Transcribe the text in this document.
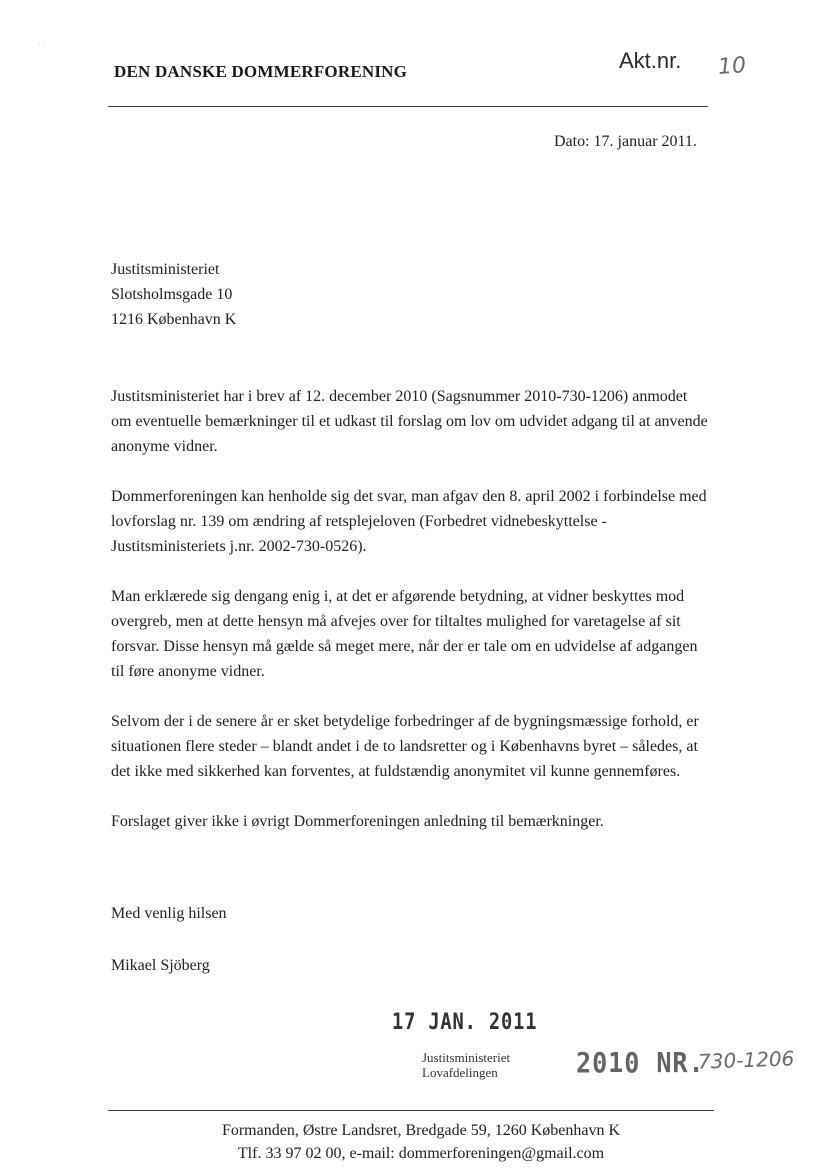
· ·
DEN DANSKE DOMMERFORENING	Akt.nr. 10
Dato: 17. januar 2011.
Justitsministeriet
Slotsholmsgade 10
1216 København K

Justitsministeriet har i brev af 12. december 2010 (Sagsnummer 2010-730-1206) anmodet om eventuelle bemærkninger til et udkast til forslag om lov om udvidet adgang til at anvende anonyme vidner.

Dommerforeningen kan henholde sig det svar, man afgav den 8. april 2002 i forbindelse med lovforslag nr. 139 om ændring af retsplejeloven (Forbedret vidnebeskyttelse - Justitsministeriets j.nr. 2002-730-0526).

Man erklærede sig dengang enig i, at det er afgørende betydning, at vidner beskyttes mod overgreb, men at dette hensyn må afvejes over for tiltaltes mulighed for varetagelse af sit forsvar. Disse hensyn må gælde så meget mere, når der er tale om en udvidelse af adgangen til føre anonyme vidner.

Selvom der i de senere år er sket betydelige forbedringer af de bygningsmæssige forhold, er situationen flere steder – blandt andet i de to landsretter og i Københavns byret – således, at det ikke med sikkerhed kan forventes, at fuldstændig anonymitet vil kunne gennemføres.

Forslaget giver ikke i øvrigt Dommerforeningen anledning til bemærkninger.

Med venlig hilsen
Mikael Sjöberg
17 JAN. 2011
Justitsministeriet
Lovafdelingen	2010 NR.
730-1206
Formanden, Østre Landsret, Bredgade 59, 1260 København K
Tlf. 33 97 02 00, e-mail: dommerforeningen@gmail.com
